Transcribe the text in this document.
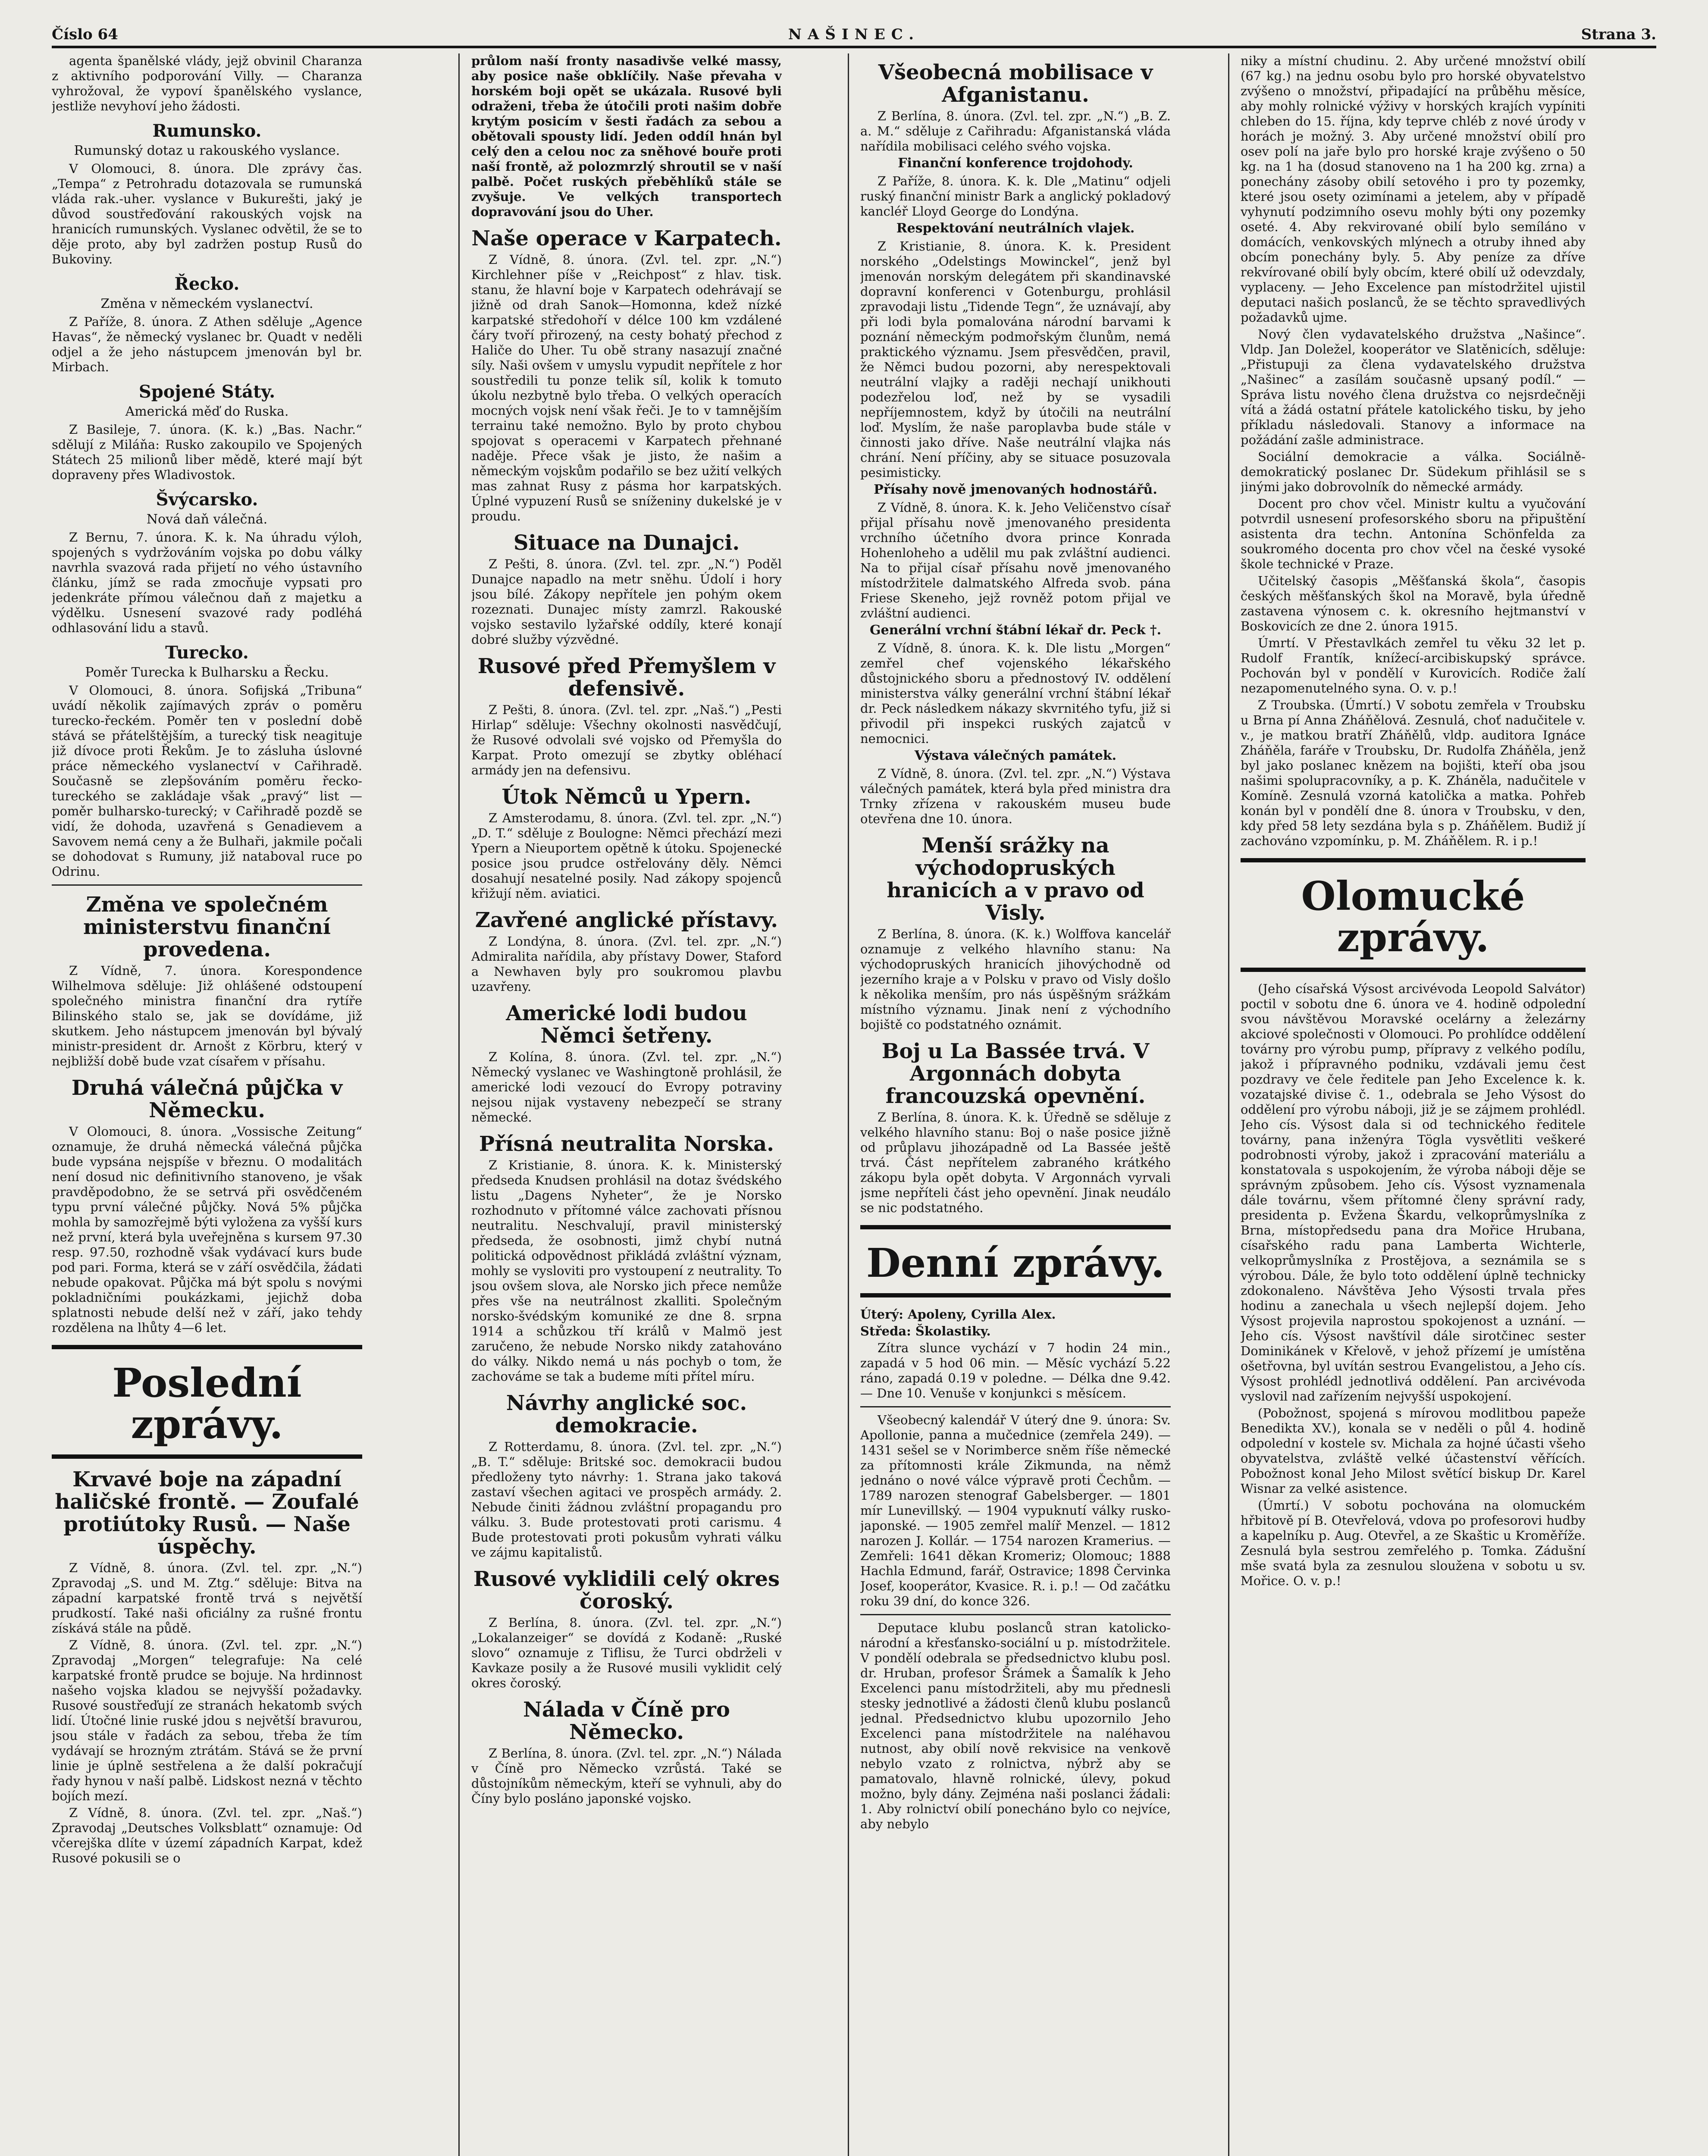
Číslo 64	NAŠINEC.	Strana 3.

agenta španělské vlády, jejž obvinil Charanza z aktivního podporování Villy. — Charanza vyhrožoval, že vypoví španělského vyslance, jestliže nevyhoví jeho žádosti.

Rumunsko.
Rumunský dotaz u rakouského vyslance.

V Olomouci, 8. února. Dle zprávy čas. „Tempa“ z Petrohradu dotazovala se rumunská vláda rak.-uher. vyslance v Bukurešti, jaký je důvod soustřeďování rakouských vojsk na hranicích rumunských. Vyslanec odvětil, že se to děje proto, aby byl zadržen postup Rusů do Bukoviny.

Řecko.
Změna v německém vyslanectví.

Z Paříže, 8. února. Z Athen sděluje „Agence Havas“, že německý vyslanec br. Quadt v neděli odjel a že jeho nástupcem jmenován byl br. Mirbach.

Spojené Státy.
Americká měď do Ruska.

Z Basileje, 7. února. (K. k.) „Bas. Nachr.“ sdělují z Miláňa: Rusko zakoupilo ve Spojených Státech 25 milionů liber mědě, které mají být dopraveny přes Wladivostok.

Švýcarsko.
Nová daň válečná.

Z Bernu, 7. února. K. k. Na úhradu výloh, spojených s vydržováním vojska po dobu války navrhla svazová rada přijetí no vého ústavního článku, jímž se rada zmocňuje vypsati pro jedenkráte přímou válečnou daň z majetku a výdělku. Usnesení svazové rady podléhá odhlasování lidu a stavů.

Turecko.
Poměr Turecka k Bulharsku a Řecku.

V Olomouci, 8. února. Sofijská „Tribuna“ uvádí několik zajímavých zpráv o poměru turecko-řeckém. Poměr ten v poslední době stává se přátelštějším, a turecký tisk neagituje již dívoce proti Řekům. Je to zásluha úslovné práce německého vyslanectví v Cařihradě. Současně se zlepšováním poměru řecko-tureckého se zakládaje však „pravý“ list — poměr bulharsko-turecký; v Cařihradě pozdě se vidí, že dohoda, uzavřená s Genadievem a Savovem nemá ceny a že Bulhaři, jakmile počali se dohodovat s Rumuny, již nataboval ruce po Odrinu.

Změna ve společném ministerstvu finanční provedena.

Z Vídně, 7. února. Korespondence Wilhelmova sděluje: Již ohlášené odstoupení společného ministra finanční dra rytíře Bilinského stalo se, jak se dovídáme, již skutkem. Jeho nástupcem jmenován byl bývalý ministr-president dr. Arnošt z Körbru, který v nejbližší době bude vzat císařem v přísahu.

Druhá válečná půjčka v Německu.

V Olomouci, 8. února. „Vossische Zeitung“ oznamuje, že druhá německá válečná půjčka bude vypsána nejspíše v březnu. O modalitách není dosud nic definitivního stanoveno, je však pravděpodobno, že se setrvá při osvědčeném typu první válečné půjčky. Nová 5% půjčka mohla by samozřejmě býti vyložena za vyšší kurs než první, která byla uveřejněna s kursem 97.30 resp. 97.50, rozhodně však vydávací kurs bude pod pari. Forma, která se v září osvědčila, žádati nebude opakovat. Půjčka má být spolu s novými pokladničními poukázkami, jejichž doba splatnosti nebude delší než v září, jako tehdy rozdělena na lhůty 4—6 let.

Poslední zprávy.
Krvavé boje na západní haličské frontě. — Zoufalé protiútoky Rusů. — Naše úspěchy.

Z Vídně, 8. února. (Zvl. tel. zpr. „N.“) Zpravodaj „S. und M. Ztg.“ sděluje: Bitva na západní karpatské frontě trvá s největší prudkostí. Také naši oficiálny za rušné frontu získává stále na půdě.

Z Vídně, 8. února. (Zvl. tel. zpr. „N.“) Zpravodaj „Morgen“ telegrafuje: Na celé karpatské frontě prudce se bojuje. Na hrdinnost našeho vojska kladou se nejvyšší požadavky. Rusové soustřeďují ze stranách hekatomb svých lidí. Útočné linie ruské jdou s největší bravurou, jsou stále v řadách za sebou, třeba že tím vydávají se hrozným ztrátám. Stává se že první linie je úplně sestřelena a že další pokračují řady hynou v naší palbě. Lidskost nezná v těchto bojích mezí.

Z Vídně, 8. února. (Zvl. tel. zpr. „Naš.“) Zpravodaj „Deutsches Volksblatt“ oznamuje: Od včerejška dlíte v území západních Karpat, kdež Rusové pokusili se o

průlom naší fronty nasadivše velké massy, aby posice naše obklíčily. Naše převaha v horském boji opět se ukázala. Rusové byli odraženi, třeba že útočili proti našim dobře krytým posicím v šesti řadách za sebou a obětovali spousty lidí. Jeden oddíl hnán byl celý den a celou noc za sněhové bouře proti naší frontě, až polozmrzlý shroutil se v naší palbě. Počet ruských přeběhlíků stále se zvyšuje. Ve velkých transportech dopravování jsou do Uher.

Naše operace v Karpatech.

Z Vídně, 8. února. (Zvl. tel. zpr. „N.“) Kirchlehner píše v „Reichpost“ z hlav. tisk. stanu, že hlavní boje v Karpatech odehrávají se jižně od drah Sanok—Homonna, kdež nízké karpatské středohoří v délce 100 km vzdálené čáry tvoří přirozený, na cesty bohatý přechod z Haliče do Uher. Tu obě strany nasazují značné síly. Naši ovšem v umyslu vypudit nepřítele z hor soustředili tu ponze telik síl, kolik k tomuto úkolu nezbytně bylo třeba. O velkých operacích mocných vojsk není však řeči. Je to v tamnějším terrainu také nemožno. Bylo by proto chybou spojovat s operacemi v Karpatech přehnané naděje. Přece však je jisto, že našim a německým vojskům podařilo se bez užití velkých mas zahnat Rusy z pásma hor karpatských. Úplné vypuzení Rusů se sníženiny dukelské je v proudu.

Situace na Dunajci.

Z Pešti, 8. února. (Zvl. tel. zpr. „N.“) Poděl Dunajce napadlo na metr sněhu. Údolí i hory jsou bílé. Zákopy nepřítele jen pohým okem rozeznati. Dunajec místy zamrzl. Rakouské vojsko sestavilo lyžařské oddíly, které konají dobré služby výzvědné.

Rusové před Přemyšlem v defensivě.

Z Pešti, 8. února. (Zvl. tel. zpr. „Naš.“) „Pesti Hirlap“ sděluje: Všechny okolnosti nasvědčují, že Rusové odvolali své vojsko od Přemyšla do Karpat. Proto omezují se zbytky obléhací armády jen na defensivu.

Útok Němců u Ypern.

Z Amsterodamu, 8. února. (Zvl. tel. zpr. „N.“) „D. T.“ sděluje z Boulogne: Němci přechází mezi Ypern a Nieuportem opětně k útoku. Spojenecké posice jsou prudce ostřelovány děly. Němci dosahují nesatelné posily. Nad zákopy spojenců křižují něm. aviatici.

Zavřené anglické přístavy.

Z Londýna, 8. února. (Zvl. tel. zpr. „N.“) Admiralita nařídila, aby přístavy Dower, Staford a Newhaven byly pro soukromou plavbu uzavřeny.

Americké lodi budou Němci šetřeny.

Z Kolína, 8. února. (Zvl. tel. zpr. „N.“) Německý vyslanec ve Washingtoně prohlásil, že americké lodi vezoucí do Evropy potraviny nejsou nijak vystaveny nebezpečí se strany německé.

Přísná neutralita Norska.

Z Kristianie, 8. února. K. k. Ministerský předseda Knudsen prohlásil na dotaz švédského listu „Dagens Nyheter“, že je Norsko rozhodnuto v přítomné válce zachovati přísnou neutralitu. Neschvalují, pravil ministerský předseda, že osobnosti, jimž chybí nutná politická odpovědnost přikládá zvláštní význam, mohly se vysloviti pro vystoupení z neutrality. To jsou ovšem slova, ale Norsko jich přece nemůže přes vše na neutrálnost zkalliti. Společným norsko-švédským komuniké ze dne 8. srpna 1914 a schůzkou tří králů v Malmö jest zaručeno, že nebude Norsko nikdy zatahováno do války. Nikdo nemá u nás pochyb o tom, že zachováme se tak a budeme míti přítel míru.

Návrhy anglické soc. demokracie.

Z Rotterdamu, 8. února. (Zvl. tel. zpr. „N.“) „B. T.“ sděluje: Britské soc. demokracii budou předloženy tyto návrhy: 1. Strana jako taková zastaví všechen agitaci ve prospěch armády. 2. Nebude činiti žádnou zvláštní propagandu pro válku. 3. Bude protestovati proti carismu. 4 Bude protestovati proti pokusům vyhrati válku ve zájmu kapitalistů.

Rusové vyklidili celý okres čoroský.

Z Berlína, 8. února. (Zvl. tel. zpr. „N.“) „Lokalanzeiger“ se dovídá z Kodaně: „Ruské slovo“ oznamuje z Tiflisu, že Turci obdrželi v Kavkaze posily a že Rusové musili vyklidit celý okres čoroský.

Nálada v Číně pro Německo.

Z Berlína, 8. února. (Zvl. tel. zpr. „N.“) Nálada v Číně pro Německo vzrůstá. Také se důstojníkům německým, kteří se vyhnuli, aby do Číny bylo posláno japonské vojsko.

Všeobecná mobilisace v Afganistanu.

Z Berlína, 8. února. (Zvl. tel. zpr. „N.“) „B. Z. a. M.“ sděluje z Cařihradu: Afganistanská vláda nařídila mobilisaci celého svého vojska.

Finanční konference trojdohody.

Z Paříže, 8. února. K. k. Dle „Matinu“ odjeli ruský finanční ministr Bark a anglický pokladový kancléř Lloyd George do Londýna.

Respektování neutrálních vlajek.

Z Kristianie, 8. února. K. k. President norského „Odelstings Mowinckel“, jenž byl jmenován norským delegátem při skandinavské dopravní konferenci v Gotenburgu, prohlásil zpravodaji listu „Tidende Tegn“, že uznávají, aby při lodi byla pomalována národní barvami k poznání německým podmořským člunům, nemá praktického významu. Jsem přesvědčen, pravil, že Němci budou pozorni, aby nerespektovali neutrální vlajky a raději nechají unikhouti podezřelou loď, než by se vysadili nepříjemnostem, když by útočili na neutrální loď. Myslím, že naše paroplavba bude stále v činnosti jako dříve. Naše neutrální vlajka nás chrání. Není příčiny, aby se situace posuzovala pesimisticky.

Přísahy nově jmenovaných hodnostářů.

Z Vídně, 8. února. K. k. Jeho Veličenstvo císař přijal přísahu nově jmenovaného presidenta vrchního účetního dvora prince Konrada Hohenloheho a udělil mu pak zvláštní audienci. Na to přijal císař přísahu nově jmenovaného místodržitele dalmatského Alfreda svob. pána Friese Skeneho, jejž rovněž potom přijal ve zvláštní audienci.

Generální vrchní štábní lékař dr. Peck †.

Z Vídně, 8. února. K. k. Dle listu „Morgen“ zemřel chef vojenského lékařského důstojnického sboru a přednostový IV. oddělení ministerstva války generální vrchní štábní lékař dr. Peck následkem nákazy skvrnitého tyfu, již si přivodil při inspekci ruských zajatců v nemocnici.

Výstava válečných památek.

Z Vídně, 8. února. (Zvl. tel. zpr. „N.“) Výstava válečných památek, která byla před ministra dra Trnky zřízena v rakouském museu bude otevřena dne 10. února.

Menší srážky na východopruských hranicích a v pravo od Visly.

Z Berlína, 8. února. (K. k.) Wolffova kancelář oznamuje z velkého hlavního stanu: Na východopruských hranicích jihovýchodně od jezerního kraje a v Polsku v pravo od Visly došlo k několika menším, pro nás úspěšným srážkám místního významu. Jinak není z východního bojiště co podstatného oznámit.

Boj u La Bassée trvá. V Argonnách dobyta francouzská opevnění.

Z Berlína, 8. února. K. k. Úředně se sděluje z velkého hlavního stanu: Boj o naše posice jižně od průplavu jihozápadně od La Bassée ještě trvá. Část nepřítelem zabraného krátkého zákopu byla opět dobyta. V Argonnách vyrvali jsme nepříteli část jeho opevnění. Jinak neudálo se nic podstatného.

Denní zprávy.

Úterý: Apoleny, Cyrilla Alex.

Středa: Školastiky.

Zítra slunce vychází v 7 hodin 24 min., zapadá v 5 hod 06 min. — Měsíc vychází 5.22 ráno, zapadá 0.19 v poledne. — Délka dne 9.42. — Dne 10. Venuše v konjunkci s měsícem.

Všeobecný kalendář V úterý dne 9. února: Sv. Apollonie, panna a mučednice (zemřela 249). — 1431 sešel se v Norimberce sněm říše německé za přítomnosti krále Zikmunda, na němž jednáno o nové válce výpravě proti Čechům. — 1789 narozen stenograf Gabelsberger. — 1801 mír Lunevillský. — 1904 vypuknutí války rusko-japonské. — 1905 zemřel malíř Menzel. — 1812 narozen J. Kollár. — 1754 narozen Kramerius. — Zemřeli: 1641 děkan Kromeriz; Olomouc; 1888 Hachla Edmund, farář, Ostravice; 1898 Červinka Josef, kooperátor, Kvasice. R. i. p.! — Od začátku roku 39 dní, do konce 326.

Deputace klubu poslanců stran katolicko-národní a křesťansko-sociální u p. místodržitele. V pondělí odebrala se předsednictvo klubu posl. dr. Hruban, profesor Šrámek a Šamalík k Jeho Excelenci panu místodržiteli, aby mu přednesli stesky jednotlivé a žádosti členů klubu poslanců jednal. Předsednictvo klubu upozornilo Jeho Excelenci pana místodržitele na naléhavou nutnost, aby obilí nově rekvisice na venkově nebylo vzato z rolnictva, nýbrž aby se pamatovalo, hlavně rolnické, úlevy, pokud možno, byly dány. Zejména naši poslanci žádali: 1. Aby rolnictví obilí ponecháno bylo co nejvíce, aby nebylo

niky a místní chudinu. 2. Aby určené množství obilí (67 kg.) na jednu osobu bylo pro horské obyvatelstvo zvýšeno o množství, připadající na průběhu měsíce, aby mohly rolnické výživy v horských krajích vypíniti chleben do 15. října, kdy teprve chléb z nové úrody v horách je možný. 3. Aby určené množství obilí pro osev polí na jaře bylo pro horské kraje zvýšeno o 50 kg. na 1 ha (dosud stanoveno na 1 ha 200 kg. zrna) a ponechány zásoby obilí setového i pro ty pozemky, které jsou osety ozimínami a jetelem, aby v případě vyhynutí podzimního osevu mohly býti ony pozemky oseté. 4. Aby rekvirované obilí bylo semíláno v domácích, venkovských mlýnech a otruby ihned aby obcím ponechány byly. 5. Aby peníze za dříve rekvírované obilí byly obcím, které obilí už odevzdaly, vyplaceny. — Jeho Excelence pan místodržitel ujistil deputaci našich poslanců, že se těchto spravedlivých požadavků ujme.

Nový člen vydavatelského družstva „Našince“. Vldp. Jan Doležel, kooperátor ve Slatěnicích, sděluje: „Přistupuji za člena vydavatelského družstva „Našinec“ a zasílám současně upsaný podíl.“ — Správa listu nového člena družstva co nejsrdečněji vítá a žádá ostatní přátele katolického tisku, by jeho příkladu následovali. Stanovy a informace na požádání zašle administrace.

Sociální demokracie a válka. Sociálně-demokratický poslanec Dr. Südekum přihlásil se s jinými jako dobrovolník do německé armády.

Docent pro chov včel. Ministr kultu a vyučování potvrdil usnesení profesorského sboru na připuštění asistenta dra techn. Antonína Schönfelda za soukromého docenta pro chov včel na české vysoké škole technické v Praze.

Učitelský časopis „Měšťanská škola“, časopis českých měšťanských škol na Moravě, byla úředně zastavena výnosem c. k. okresního hejtmanství v Boskovicích ze dne 2. února 1915.

Úmrtí. V Přestavlkách zemřel tu věku 32 let p. Rudolf Frantík, knížecí-arcibiskupský správce. Pochován byl v pondělí v Kurovicích. Rodiče žalí nezapomenutelného syna. O. v. p.!

Z Troubska. (Úmrtí.) V sobotu zemřela v Troubsku u Brna pí Anna Zháňělová. Zesnulá, choť nadučitele v. v., je matkou bratří Zháňělů, vldp. auditora Ignáce Zháňěla, faráře v Troubsku, Dr. Rudolfa Zháňěla, jenž byl jako poslanec knězem na bojišti, kteří oba jsou našimi spolupracovníky, a p. K. Zháněla, nadučitele v Komíně. Zesnulá vzorná katolička a matka. Pohřeb konán byl v pondělí dne 8. února v Troubsku, v den, kdy před 58 lety sezdána byla s p. Zháňělem. Budiž jí zachováno vzpomínku, p. M. Zháňělem. R. i p.!

Olomucké zprávy.

(Jeho císařská Výsost arcivévoda Leopold Salvátor) poctil v sobotu dne 6. února ve 4. hodině odpolední svou návštěvou Moravské ocelárny a železárny akciové společnosti v Olomouci. Po prohlídce oddělení továrny pro výrobu pump, přípravy z velkého podílu, jakož i přípravného podniku, vzdávali jemu čest pozdravy ve čele ředitele pan Jeho Excelence k. k. vozatajské divise č. 1., odebrala se Jeho Výsost do oddělení pro výrobu náboji, již je se zájmem prohlédl. Jeho cís. Výsost dala si od technického ředitele továrny, pana inženýra Tögla vysvětliti veškeré podrobnosti výroby, jakož i zpracování materiálu a konstatovala s uspokojením, že výroba náboji děje se správným způsobem. Jeho cís. Výsost vyznamenala dále továrnu, všem přítomné členy správní rady, presidenta p. Evžena Škardu, velkoprůmyslníka z Brna, místopředsedu pana dra Mořice Hrubana, císařského radu pana Lamberta Wichterle, velkoprůmyslníka z Prostějova, a seznámila se s výrobou. Dále, že bylo toto oddělení úplně technicky zdokonaleno. Návštěva Jeho Výsosti trvala přes hodinu a zanechala u všech nejlepší dojem. Jeho Výsost projevila naprostou spokojenost a uznání. — Jeho cís. Výsost navštívil dále sirotčinec sester Dominikánek v Křelově, v jehož přízemí je umístěna ošetřovna, byl uvítán sestrou Evangelistou, a Jeho cís. Výsost prohlédl jednotlivá oddělení. Pan arcivévoda vyslovil nad zařízením nejvyšší uspokojení.

(Pobožnost, spojená s mírovou modlitbou papeže Benedikta XV.), konala se v neděli o půl 4. hodině odpolední v kostele sv. Michala za hojné účasti všeho obyvatelstva, zvláště velké účastenství věřících. Pobožnost konal Jeho Milost světící biskup Dr. Karel Wisnar za velké asistence.

(Úmrtí.) V sobotu pochována na olomuckém hřbitově pí B. Otevřelová, vdova po profesorovi hudby a kapelníku p. Aug. Otevřel, a ze Skaštic u Kroměříže. Zesnulá byla sestrou zemřelého p. Tomka. Zádušní mše svatá byla za zesnulou sloužena v sobotu u sv. Mořice. O. v. p.!
